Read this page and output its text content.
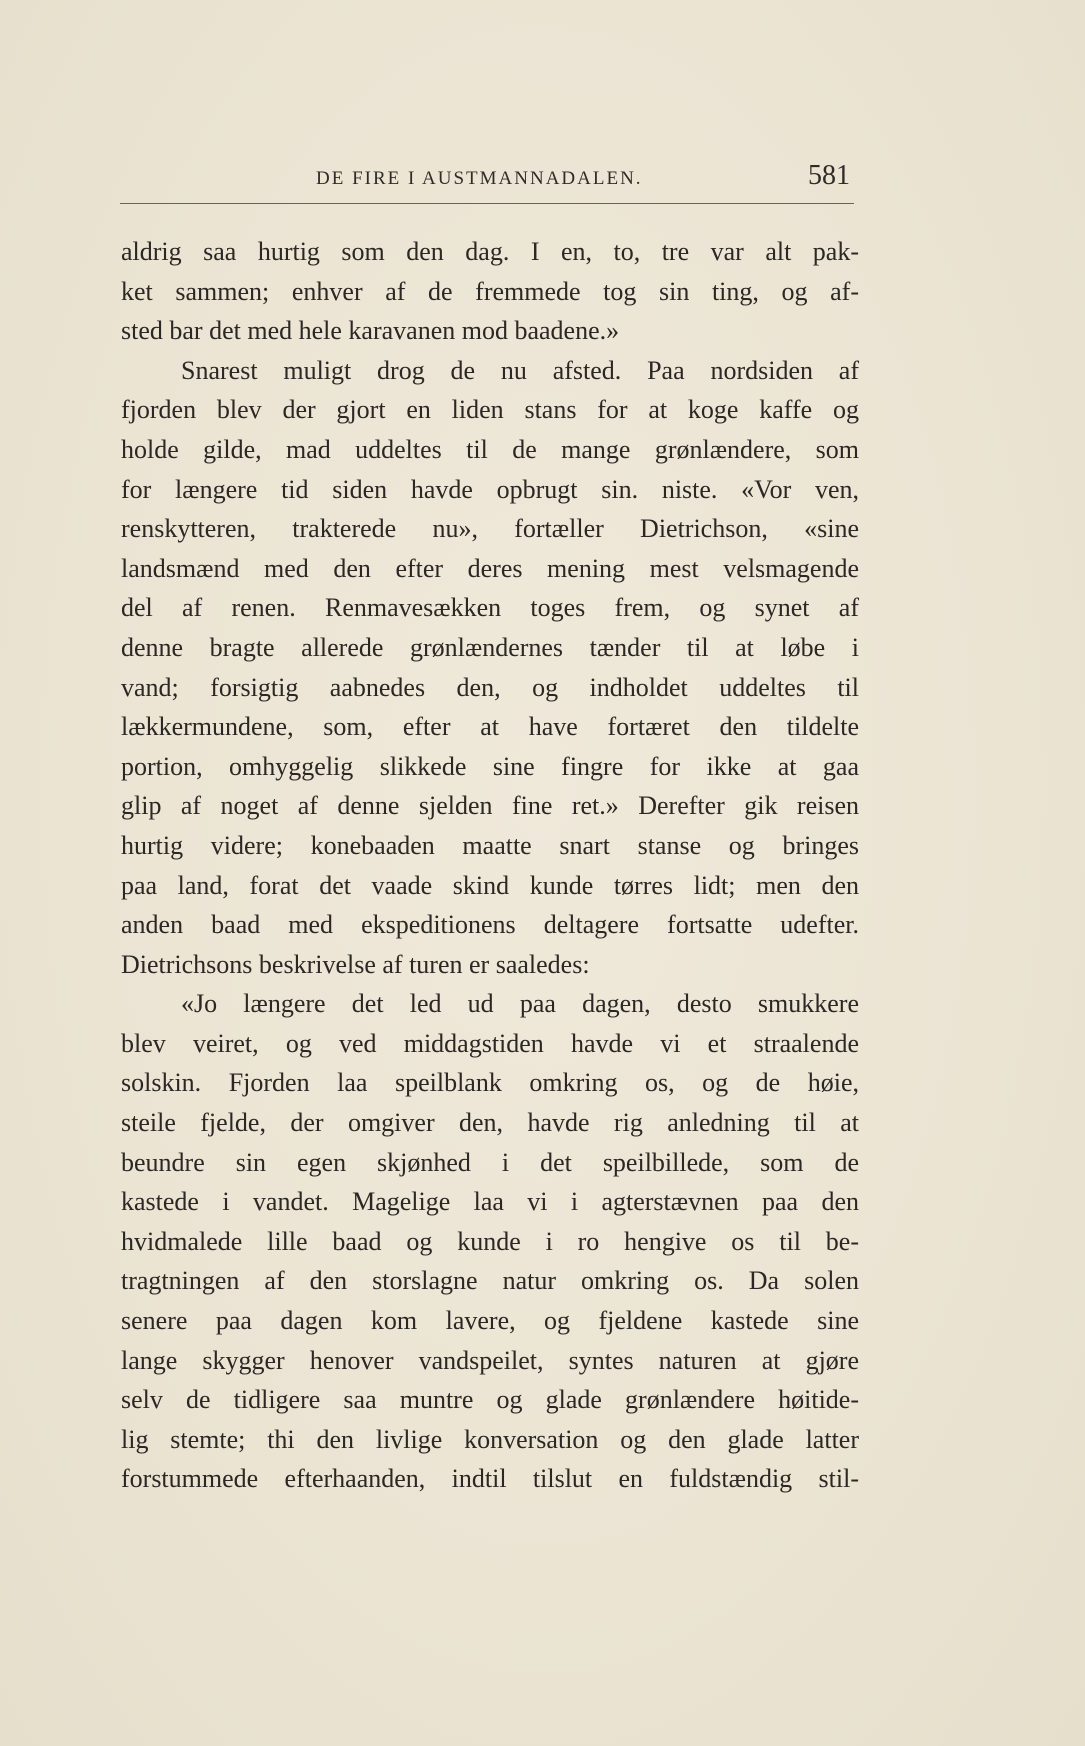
DE FIRE I AUSTMANNADALEN.	581
aldrig saa hurtig som den dag. I en, to, tre var alt pak-
ket sammen; enhver af de fremmede tog sin ting, og af-
sted bar det med hele karavanen mod baadene.»
Snarest muligt drog de nu afsted. Paa nordsiden af
fjorden blev der gjort en liden stans for at koge kaffe og
holde gilde, mad uddeltes til de mange grønlændere, som
for længere tid siden havde opbrugt sin. niste. «Vor ven,
renskytteren, trakterede nu», fortæller Dietrichson, «sine
landsmænd med den efter deres mening mest velsmagende
del af renen. Renmavesækken toges frem, og synet af
denne bragte allerede grønlændernes tænder til at løbe i
vand; forsigtig aabnedes den, og indholdet uddeltes til
lækkermundene, som, efter at have fortæret den tildelte
portion, omhyggelig slikkede sine fingre for ikke at gaa
glip af noget af denne sjelden fine ret.» Derefter gik reisen
hurtig videre; konebaaden maatte snart stanse og bringes
paa land, forat det vaade skind kunde tørres lidt; men den
anden baad med ekspeditionens deltagere fortsatte udefter.
Dietrichsons beskrivelse af turen er saaledes:
«Jo længere det led ud paa dagen, desto smukkere
blev veiret, og ved middagstiden havde vi et straalende
solskin. Fjorden laa speilblank omkring os, og de høie,
steile fjelde, der omgiver den, havde rig anledning til at
beundre sin egen skjønhed i det speilbillede, som de
kastede i vandet. Magelige laa vi i agterstævnen paa den
hvidmalede lille baad og kunde i ro hengive os til be-
tragtningen af den storslagne natur omkring os. Da solen
senere paa dagen kom lavere, og fjeldene kastede sine
lange skygger henover vandspeilet, syntes naturen at gjøre
selv de tidligere saa muntre og glade grønlændere høitide-
lig stemte; thi den livlige konversation og den glade latter
forstummede efterhaanden, indtil tilslut en fuldstændig stil-
